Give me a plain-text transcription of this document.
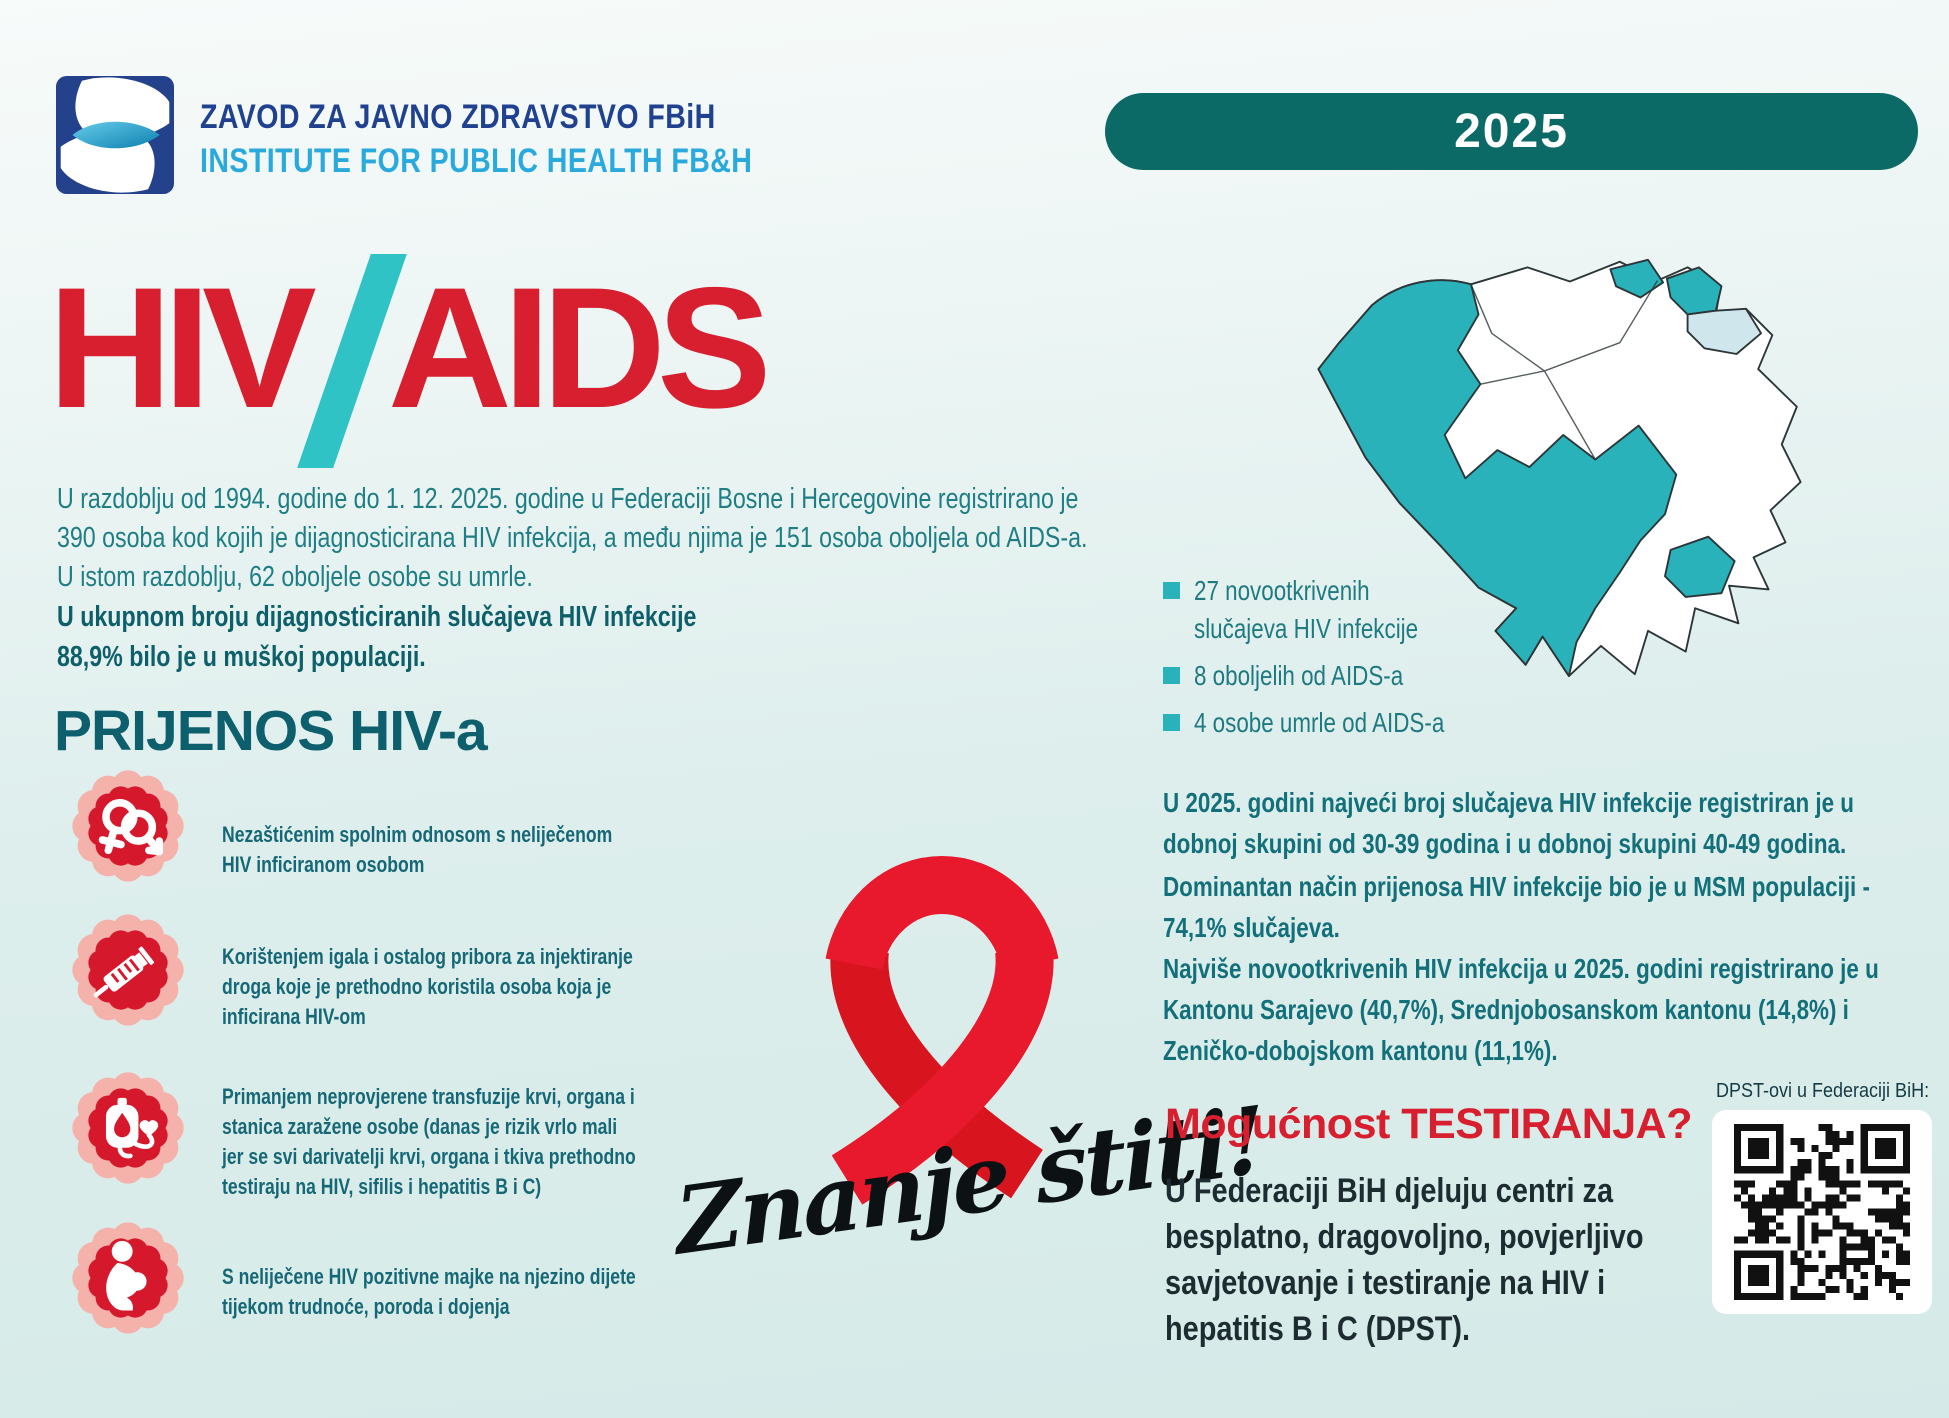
ZAVOD ZA JAVNO ZDRAVSTVO FBiH
INSTITUTE FOR PUBLIC HEALTH FB&H
2025
HIV AIDS
U razdoblju od 1994. godine do 1. 12. 2025. godine u Federaciji Bosne i Hercegovine registrirano je 390 osoba kod kojih je dijagnosticirana HIV infekcija, a među njima je 151 osoba oboljela od AIDS-a. U istom razdoblju, 62 oboljele osobe su umrle.
U ukupnom broju dijagnosticiranih slučajeva HIV infekcije 88,9% bilo je u muškoj populaciji.
PRIJENOS HIV-a
Nezaštićenim spolnim odnosom s neliječenom HIV inficiranom osobom
Korištenjem igala i ostalog pribora za injektiranje droga koje je prethodno koristila osoba koja je inficirana HIV-om
Primanjem neprovjerene transfuzije krvi, organa i stanica zaražene osobe (danas je rizik vrlo mali jer se svi darivatelji krvi, organa i tkiva prethodno testiraju na HIV, sifilis i hepatitis B i C)
S neliječene HIV pozitivne majke na njezino dijete tijekom trudnoće, poroda i dojenja
Znanje štiti!
27 novootkrivenih slučajeva HIV infekcije
8 oboljelih od AIDS-a
4 osobe umrle od AIDS-a
U 2025. godini najveći broj slučajeva HIV infekcije registriran je u dobnoj skupini od 30-39 godina i u dobnoj skupini 40-49 godina.
Dominantan način prijenosa HIV infekcije bio je u MSM populaciji - 74,1% slučajeva.
Najviše novootkrivenih HIV infekcija u 2025. godini registrirano je u Kantonu Sarajevo (40,7%), Srednjobosanskom kantonu (14,8%) i Zeničko-dobojskom kantonu (11,1%).
Mogućnost TESTIRANJA?
U Federaciji BiH djeluju centri za besplatno, dragovoljno, povjerljivo savjetovanje i testiranje na HIV i hepatitis B i C (DPST).
DPST-ovi u Federaciji BiH:
